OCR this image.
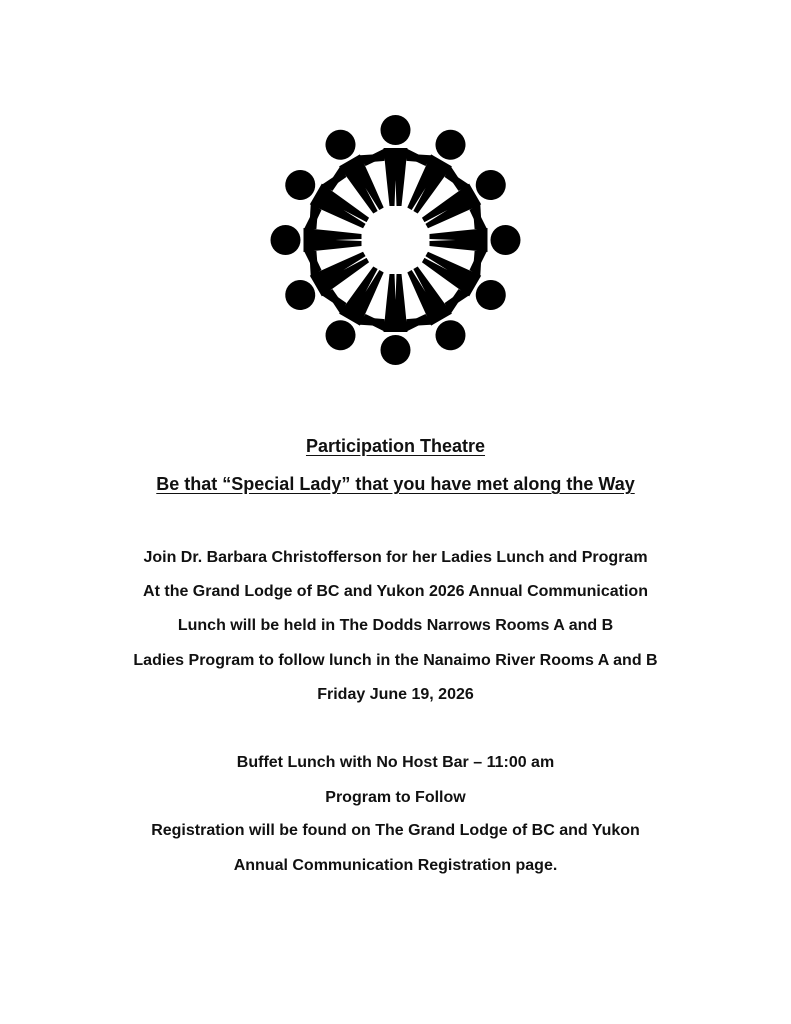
Participation Theatre
Be that “Special Lady” that you have met along the Way
Join Dr. Barbara Christofferson for her Ladies Lunch and Program
At the Grand Lodge of BC and Yukon 2026 Annual Communication
Lunch will be held in The Dodds Narrows Rooms A and B
Ladies Program to follow lunch in the Nanaimo River Rooms A and B
Friday June 19, 2026
Buffet Lunch with No Host Bar – 11:00 am
Program to Follow
Registration will be found on The Grand Lodge of BC and Yukon
Annual Communication Registration page.
